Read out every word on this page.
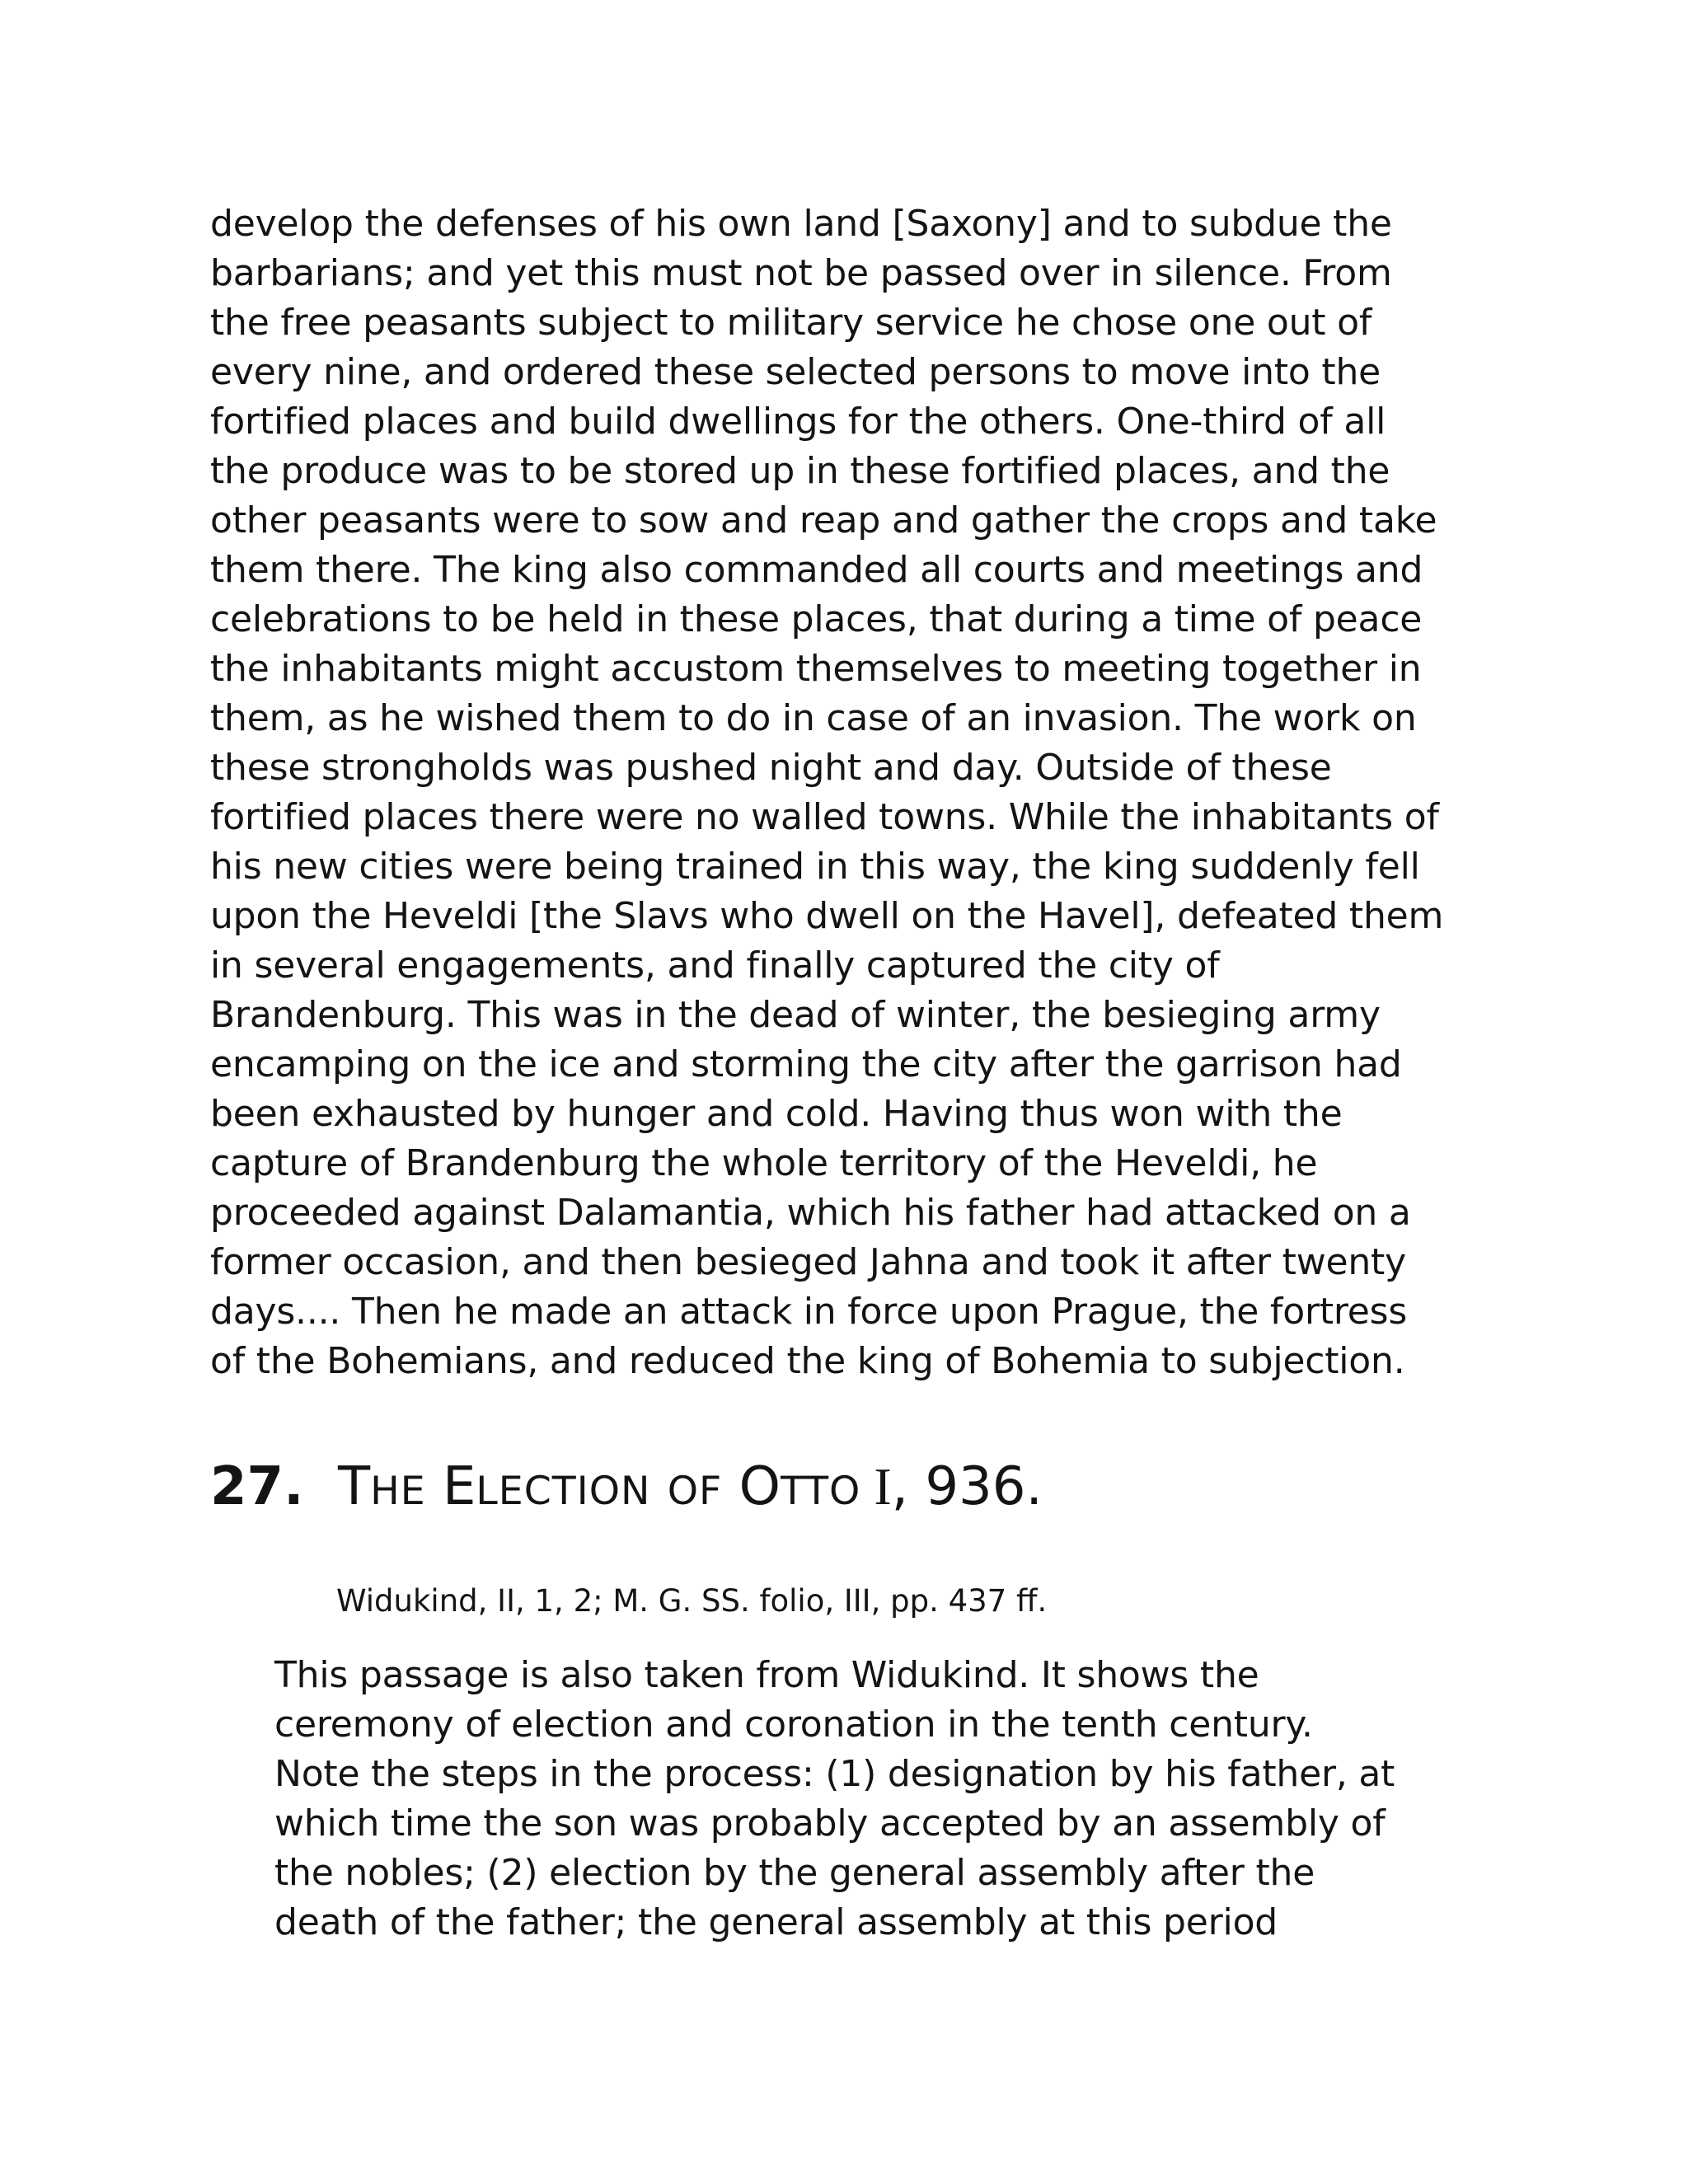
develop the defenses of his own land [Saxony] and to subdue the

barbarians; and yet this must not be passed over in silence. From

the free peasants subject to military service he chose one out of

every nine, and ordered these selected persons to move into the

fortified places and build dwellings for the others. One-third of all

the produce was to be stored up in these fortified places, and the

other peasants were to sow and reap and gather the crops and take

them there. The king also commanded all courts and meetings and

celebrations to be held in these places, that during a time of peace

the inhabitants might accustom themselves to meeting together in

them, as he wished them to do in case of an invasion. The work on

these strongholds was pushed night and day. Outside of these

fortified places there were no walled towns. While the inhabitants of

his new cities were being trained in this way, the king suddenly fell

upon the Heveldi [the Slavs who dwell on the Havel], defeated them

in several engagements, and finally captured the city of

Brandenburg. This was in the dead of winter, the besieging army

encamping on the ice and storming the city after the garrison had

been exhausted by hunger and cold. Having thus won with the

capture of Brandenburg the whole territory of the Heveldi, he

proceeded against Dalamantia, which his father had attacked on a

former occasion, and then besieged Jahna and took it after twenty

days.... Then he made an attack in force upon Prague, the fortress

of the Bohemians, and reduced the king of Bohemia to subjection.

27. THE ELECTION OF OTTO I, 936.

Widukind, II, 1, 2; M. G. SS. folio, III, pp. 437 ff.

This passage is also taken from Widukind. It shows the

ceremony of election and coronation in the tenth century.

Note the steps in the process: (1) designation by his father, at

which time the son was probably accepted by an assembly of

the nobles; (2) election by the general assembly after the

death of the father; the general assembly at this period
